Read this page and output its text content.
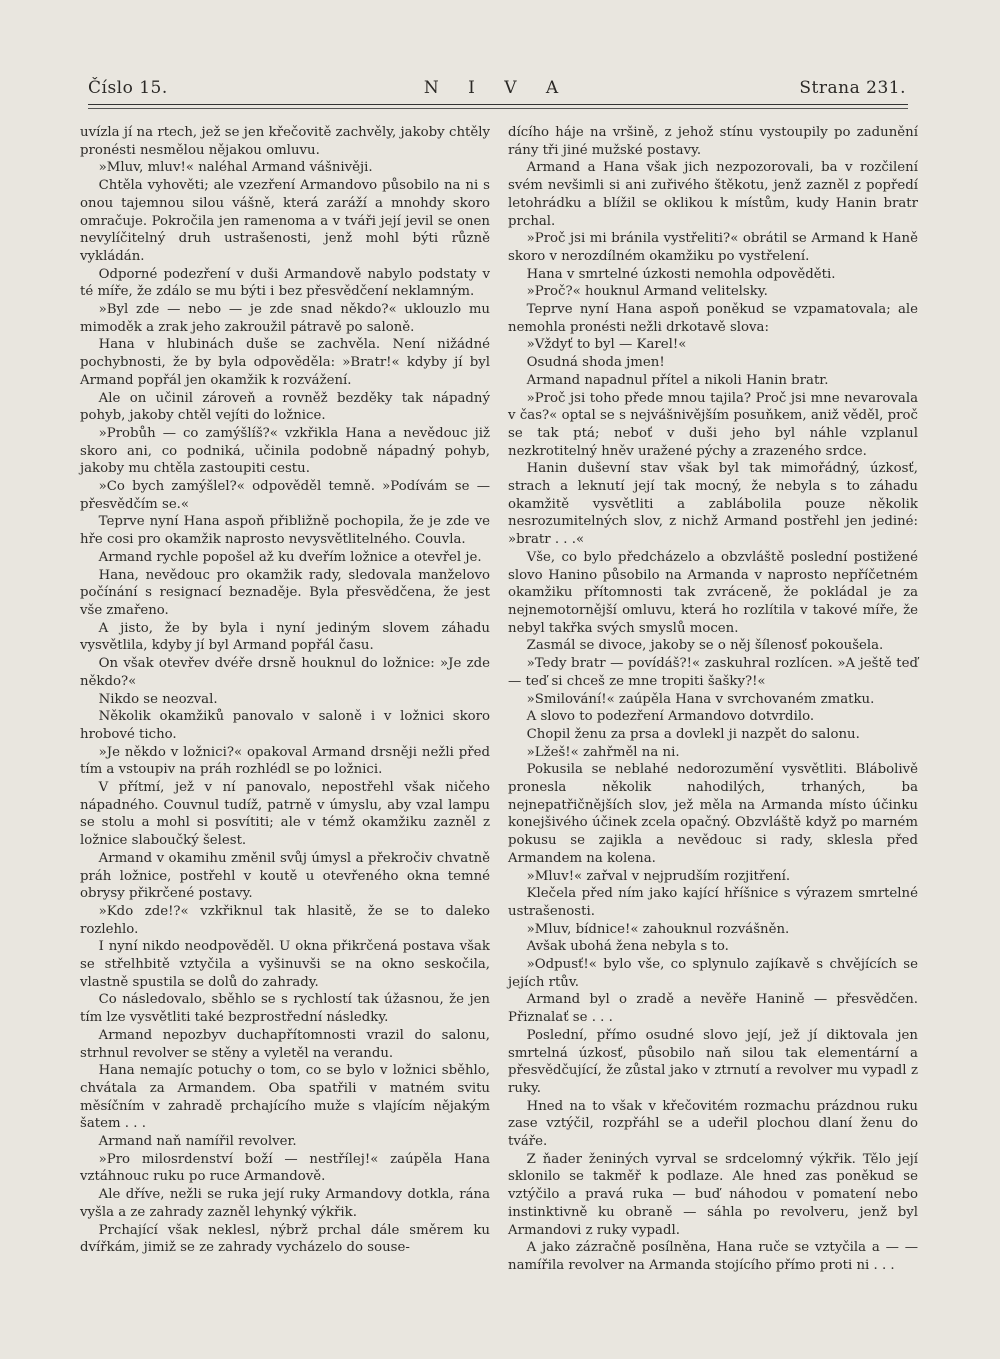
Číslo 15.	N I V A	Strana 231.

uvízla jí na rtech, jež se jen křečovitě zachvěly, jakoby chtěly pronésti nesmělou nějakou omluvu.

»Mluv, mluv!« naléhal Armand vášnivěji.

Chtěla vyhověti; ale vzezření Armandovo působilo na ni s onou tajemnou silou vášně, která zaráží a mnohdy skoro omračuje. Pokročila jen ramenoma a v tváři její jevil se onen nevylíčitelný druh ustrašenosti, jenž mohl býti různě vykládán.

Odporné podezření v duši Armandově nabylo podstaty v té míře, že zdálo se mu býti i bez přesvědčení neklamným.

»Byl zde — nebo — je zde snad někdo?« uklouzlo mu mimoděk a zrak jeho zakroužil pátravě po saloně.

Hana v hlubinách duše se zachvěla. Není nižádné pochybnosti, že by byla odpověděla: »Bratr!« kdyby jí byl Armand popřál jen okamžik k rozvážení.

Ale on učinil zároveň a rovněž bezděky tak nápadný pohyb, jakoby chtěl vejíti do ložnice.

»Probůh — co zamýšlíš?« vzkřikla Hana a nevědouc již skoro ani, co podniká, učinila podobně nápadný pohyb, jakoby mu chtěla zastoupiti cestu.

»Co bych zamýšlel?« odpověděl temně. »Podívám se — přesvědčím se.«

Teprve nyní Hana aspoň přibližně pochopila, že je zde ve hře cosi pro okamžik naprosto nevysvětlitelného. Couvla.

Armand rychle popošel až ku dveřím ložnice a otevřel je.

Hana, nevědouc pro okamžik rady, sledovala manželovo počínání s resignací beznaděje. Byla přesvědčena, že jest vše zmařeno.

A jisto, že by byla i nyní jediným slovem záhadu vysvětlila, kdyby jí byl Armand popřál času.

On však otevřev dvéře drsně houknul do ložnice: »Je zde někdo?«

Nikdo se neozval.

Několik okamžiků panovalo v saloně i v ložnici skoro hrobové ticho.

»Je někdo v ložnici?« opakoval Armand drsněji nežli před tím a vstoupiv na práh rozhlédl se po ložnici.

V přítmí, jež v ní panovalo, nepostřehl však ničeho nápadného. Couvnul tudíž, patrně v úmyslu, aby vzal lampu se stolu a mohl si posvítiti; ale v témž okamžiku zazněl z ložnice slaboučký šelest.

Armand v okamihu změnil svůj úmysl a překročiv chvatně práh ložnice, postřehl v koutě u otevřeného okna temné obrysy přikrčené postavy.

»Kdo zde!?« vzkřiknul tak hlasitě, že se to daleko rozlehlo.

I nyní nikdo neodpověděl. U okna přikrčená postava však se střelhbitě vztyčila a vyšinuvši se na okno seskočila, vlastně spustila se dolů do zahrady.

Co následovalo, sběhlo se s rychlostí tak úžasnou, že jen tím lze vysvětliti také bezprostřední následky.

Armand nepozbyv duchapřítomnosti vrazil do salonu, strhnul revolver se stěny a vyletěl na verandu.

Hana nemajíc potuchy o tom, co se bylo v ložnici sběhlo, chvátala za Armandem. Oba spatřili v matném svitu měsíčním v zahradě prchajícího muže s vlajícím nějakým šatem . . .

Armand naň namířil revolver.

»Pro milosrdenství boží — nestřílej!« zaúpěla Hana vztáhnouc ruku po ruce Armandově.

Ale dříve, nežli se ruka její ruky Armandovy dotkla, rána vyšla a ze zahrady zazněl lehynký výkřik.

Prchající však neklesl, nýbrž prchal dále směrem ku dvířkám, jimiž se ze zahrady vycházelo do souse-

dícího háje na vršině, z jehož stínu vystoupily po zadunění rány tři jiné mužské postavy.

Armand a Hana však jich nezpozorovali, ba v rozčilení svém nevšimli si ani zuřivého štěkotu, jenž zazněl z popředí letohrádku a blížil se oklikou k místům, kudy Hanin bratr prchal.

»Proč jsi mi bránila vystřeliti?« obrátil se Armand k Haně skoro v nerozdílném okamžiku po vystřelení.

Hana v smrtelné úzkosti nemohla odpověděti.

»Proč?« houknul Armand velitelsky.

Teprve nyní Hana aspoň poněkud se vzpamatovala; ale nemohla pronésti nežli drkotavě slova:

»Vždyť to byl — Karel!«

Osudná shoda jmen!

Armand napadnul přítel a nikoli Hanin bratr.

»Proč jsi toho přede mnou tajila? Proč jsi mne nevarovala v čas?« optal se s nejvášnivějším posuňkem, aniž věděl, proč se tak ptá; neboť v duši jeho byl náhle vzplanul nezkrotitelný hněv uražené pýchy a zrazeného srdce.

Hanin duševní stav však byl tak mimořádný, úzkosť, strach a leknutí její tak mocný, že nebyla s to záhadu okamžitě vysvětliti a zablábolila pouze několik nesrozumitelných slov, z nichž Armand postřehl jen jediné: »bratr . . .«

Vše, co bylo předcházelo a obzvláště poslední postižené slovo Hanino působilo na Armanda v naprosto nepříčetném okamžiku přítomnosti tak zvráceně, že pokládal je za nejnemotornější omluvu, která ho rozlítila v takové míře, že nebyl takřka svých smyslů mocen.

Zasmál se divoce, jakoby se o něj šílenosť pokoušela.

»Tedy bratr — povídáš?!« zaskuhral rozlícen. »A ještě teď — teď si chceš ze mne tropiti šašky?!«

»Smilování!« zaúpěla Hana v svrchovaném zmatku.

A slovo to podezření Armandovo dotvrdilo.

Chopil ženu za prsa a dovlekl ji nazpět do salonu.

»Lžeš!« zahřměl na ni.

Pokusila se neblahé nedorozumění vysvětliti. Blábolivě pronesla několik nahodilých, trhaných, ba nejnepatřičnějších slov, jež měla na Armanda místo účinku konejšivého účinek zcela opačný. Obzvláště když po marném pokusu se zajikla a nevědouc si rady, sklesla před Armandem na kolena.

»Mluv!« zařval v nejprudším rozjitření.

Klečela před ním jako kající hříšnice s výrazem smrtelné ustrašenosti.

»Mluv, bídnice!« zahouknul rozvášněn.

Avšak ubohá žena nebyla s to.

»Odpusť!« bylo vše, co splynulo zajíkavě s chvějících se jejích rtův.

Armand byl o zradě a nevěře Hanině — přesvědčen. Přiznalať se . . .

Poslední, přímo osudné slovo její, jež jí diktovala jen smrtelná úzkosť, působilo naň silou tak elementární a přesvědčující, že zůstal jako v ztrnutí a revolver mu vypadl z ruky.

Hned na to však v křečovitém rozmachu prázdnou ruku zase vztýčil, rozpřáhl se a udeřil plochou dlaní ženu do tváře.

Z ňader ženiných vyrval se srdcelomný výkřik. Tělo její sklonilo se takměř k podlaze. Ale hned zas poněkud se vztýčilo a pravá ruka — buď náhodou v pomatení nebo instinktivně ku obraně — sáhla po revolveru, jenž byl Armandovi z ruky vypadl.

A jako zázračně posílněna, Hana ruče se vztyčila a — — namířila revolver na Armanda stojícího přímo proti ni . . .
